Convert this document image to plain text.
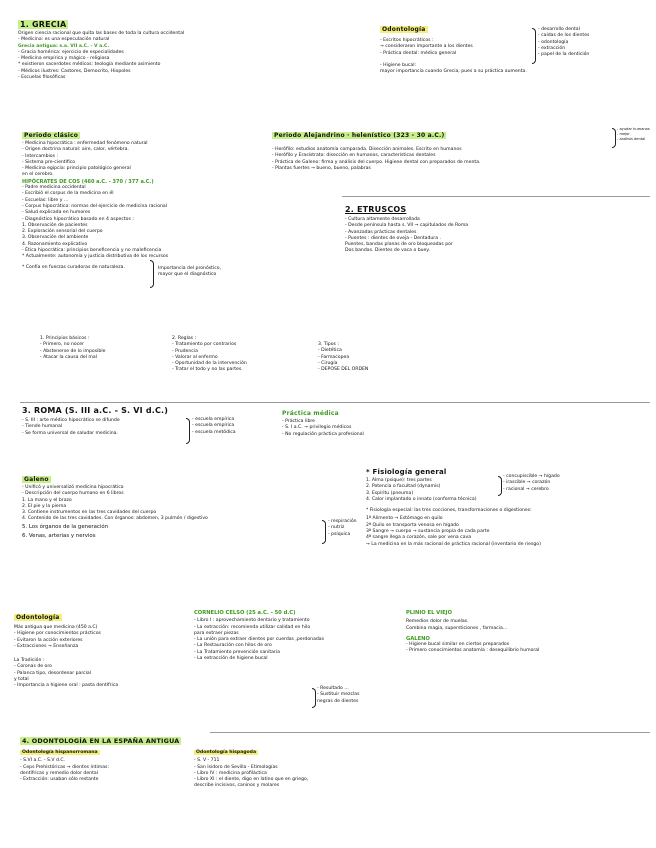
1. GRECIA
Origen ciencia racional que quita las bases de toda la cultura occidental
- Medicina: es una especulación natural
Grecia antigua: s.a. VII a.C. - V a.C.
- Gracia homérica: ejercicio de especialidades
- Medicina empírica y mágico - religiosa
* existieron sacerdotes médicos: teología mediante asimiento
- Médicos ilustres: Castores, Democrito, Hiopoles
- Escuelas filosóficas
Odontología
- Escritos hipocráticos :
→ consideraron importante a los dientes
- Práctica dental: médico general
- Higiene bucal:
mayor importancia cuando Grecia, pues a su práctica aumenta.
- desarrollo dental
- caídas de los dientes
- odontología
- extracción
- papel de la dentición
Periodo clásico
- Medicina hipocrática : enfermedad fenómeno natural
- Origen doctrina natural: aire, calor, vértebra.
- Intercambios :
- Sistema pre-científico
- Medicina egipcia: principio patológico general
en el cerebro.
HIPÓCRATES DE COS (460 a.C. - 370 / 377 a.C.)
- Padre medicina occidental
- Escribió el corpus de la medicina en él
- Escuelas: libre y ...
- Corpus hipocrático: normas del ejercicio de medicina racional
- Salud explicada en humores
- Diagnóstico hipocrático basado en 4 aspectos :
1. Observación de pacientes
2. Exploración sensorial del cuerpo
3. Observación del ambiente
4. Razonamiento explicativo
- Ética hipocrática: principios beneficencia y no maleficencia
* Actualmente: autonomía y justicia distributiva de los recursos
* Confía en fuerzas curadoras de naturaleza.	Importancia del pronóstico,
mayor que el diagnóstico
1. Principios básicos :
- Primero, no nocer
- Abstenerse de lo imposible
- Atacar la causa del mal
2. Reglas :
- Tratamiento por contrarios
- Prudencia
- Valorar al enfermo
- Oportunidad de la intervención
- Tratar el todo y no las partes.
3. Tipos :
- Dietética
- Farmacopea
- Cirugía
- DEPOSE DEL ORDEN
Periodo Alejandrino · helenístico (323 - 30 a.C.)
- Herófilo: estudios anatomía comparada. Disección animales. Escrito en humanos
- Herófilo y Erasístrato: disección en humanos, características dentales
- Práctica de Galeno: firma y análisis del cuerpo. Higiene dental con preparados de menta.
- Plantas fuertes → bueno, bueno, palabras
- ayudar humanos
- mejor
- análisis dental
2. ETRUSCOS
- Cultura altamente desarrollada
- Desde península hasta s. VII → capitulados de Roma
- Avanzadas prácticas dentales
- Puentes : dientes de oveja - Dentadura .
Puentes, bandas planas de oro bloqueadas por
Dos bandas. Dientes de vaca o buey.
3. ROMA (S. III a.C. - S. VI d.C.)
- S. III : arte médico hipocrático se difunde
- Tiende humanal
- Se forma universal de saludar medicina.
- escuela empírica
- escuela empírica
- escuela metódica
Práctica médica
- Práctica libre
- S. I a.C. → privilegio médicos
- No regulación práctica profesional
Galeno
- Unificó y universalizó medicina hipocrática
- Descripción del cuerpo humano en 6 libros
1. La mano y el brazo
2. El pie y la pierna
3. Contiene instrumentos en las tres cavidades del cuerpo
4. Contenido de las tres cavidades. Con órganos: abdomen, 3 pulmón / digestivo
5. Los órganos de la generación
6. Venas, arterias y nervios
- respiración
- nutriz
- psíquica
* Fisiología general
1. Alma (psique): tres partes
2. Potencia o facultad (dynamis)
3. Espíritu (pneuma)
4. Calor implantado o innato (conforma técnica)
* Fisiología especial: las tres cocciones, transformaciones o digestiones:
1ª Alimento → Estómago en quilo
2ª Quilo se transporta venosa en hígado
3ª Sangre → cuerpo → sustancia propia de cada parte
4ª sangre llega a corazón, sale por vena cava
→ La medicina en la más racional de práctica racional (inventario de riesgo)
- concupiscible → hígado
- irascible → corazón
- racional → cerebro
Odontología
Más antigua que medicina (450 a.C)
- Higiene por conocimientos prácticos
- Evitaron la acción exteriores
- Extracciones → Enseñanza
La Tradición :
- Coronas de oro
- Palanca tipo, desordenar parcial
y total
- Importancia a higiene oral : pasta dentífrica
CORNELIO CELSO (25 a.C. - 50 d.C)
- Libro I : aprovechamiento dentario y tratamiento
- La extracción: recomienda utilizar calidad en hilo
para extraer piezas
- La unión para extraer dientes por cuerdas ,perdonadas
- La Restauración con hilos de oro
- La Tratamiento prevención sanitaria
- La extracción de higiene bucal
- Resultado ...
- Sustituir mezclas
negras de dientes
PLINIO EL VIEJO
Remedios dolor de muelas.
Combina magia, supersticiones , farmacia...
GALENO
- Higiene bucal similar en ciertos preparados
- Primero conocimientos anatomía : desequilibrio humoral
4. ODONTOLOGÍA EN LA ESPAÑA ANTIGUA
Odontología hispanorromana
- S.VI a.C. - S.V d.C.
- Ceps Prehistóricas → dientes íntimas:
dentífricas y remedio dolor dental
- Extracción: usaban sólo restante
Odontología hispagoda
- S. V - 711
- San Isidoro de Sevilla - Etimologías
- Libro IV : medicina profiláctica
- Libro XI : el diente, digo en latino que en griego,
describe incisivos, caninos y molares
